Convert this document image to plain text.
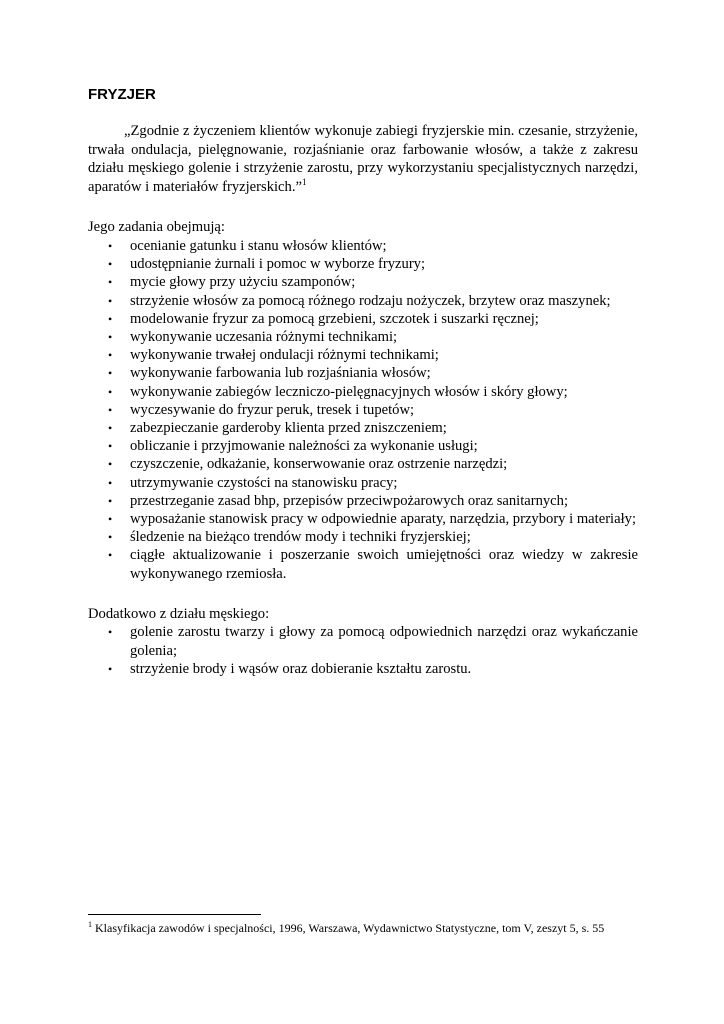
FRYZJER

„Zgodnie z życzeniem klientów wykonuje zabiegi fryzjerskie min. czesanie, strzyżenie, trwała ondulacja, pielęgnowanie, rozjaśnianie oraz farbowanie włosów, a także z zakresu działu męskiego golenie i strzyżenie zarostu, przy wykorzystaniu specjalistycznych narzędzi, aparatów i materiałów fryzjerskich.”$^1$

Jego zadania obejmują:

• ocenianie gatunku i stanu włosów klientów;
• udostępnianie żurnali i pomoc w wyborze fryzury;
• mycie głowy przy użyciu szamponów;
• strzyżenie włosów za pomocą różnego rodzaju nożyczek, brzytew oraz maszynek;
• modelowanie fryzur za pomocą grzebieni, szczotek i suszarki ręcznej;
• wykonywanie uczesania różnymi technikami;
• wykonywanie trwałej ondulacji różnymi technikami;
• wykonywanie farbowania lub rozjaśniania włosów;
• wykonywanie zabiegów leczniczo-pielęgnacyjnych włosów i skóry głowy;
• wyczesywanie do fryzur peruk, tresek i tupetów;
• zabezpieczanie garderoby klienta przed zniszczeniem;
• obliczanie i przyjmowanie należności za wykonanie usługi;
• czyszczenie, odkażanie, konserwowanie oraz ostrzenie narzędzi;
• utrzymywanie czystości na stanowisku pracy;
• przestrzeganie zasad bhp, przepisów przeciwpożarowych oraz sanitarnych;
• wyposażanie stanowisk pracy w odpowiednie aparaty, narzędzia, przybory i materiały;
• śledzenie na bieżąco trendów mody i techniki fryzjerskiej;
• ciągłe aktualizowanie i poszerzanie swoich umiejętności oraz wiedzy w zakresie wykonywanego rzemiosła.

Dodatkowo z działu męskiego:

• golenie zarostu twarzy i głowy za pomocą odpowiednich narzędzi oraz wykańczanie golenia;
• strzyżenie brody i wąsów oraz dobieranie kształtu zarostu.
$^1$ Klasyfikacja zawodów i specjalności, 1996, Warszawa, Wydawnictwo Statystyczne, tom V, zeszyt 5, s. 55
